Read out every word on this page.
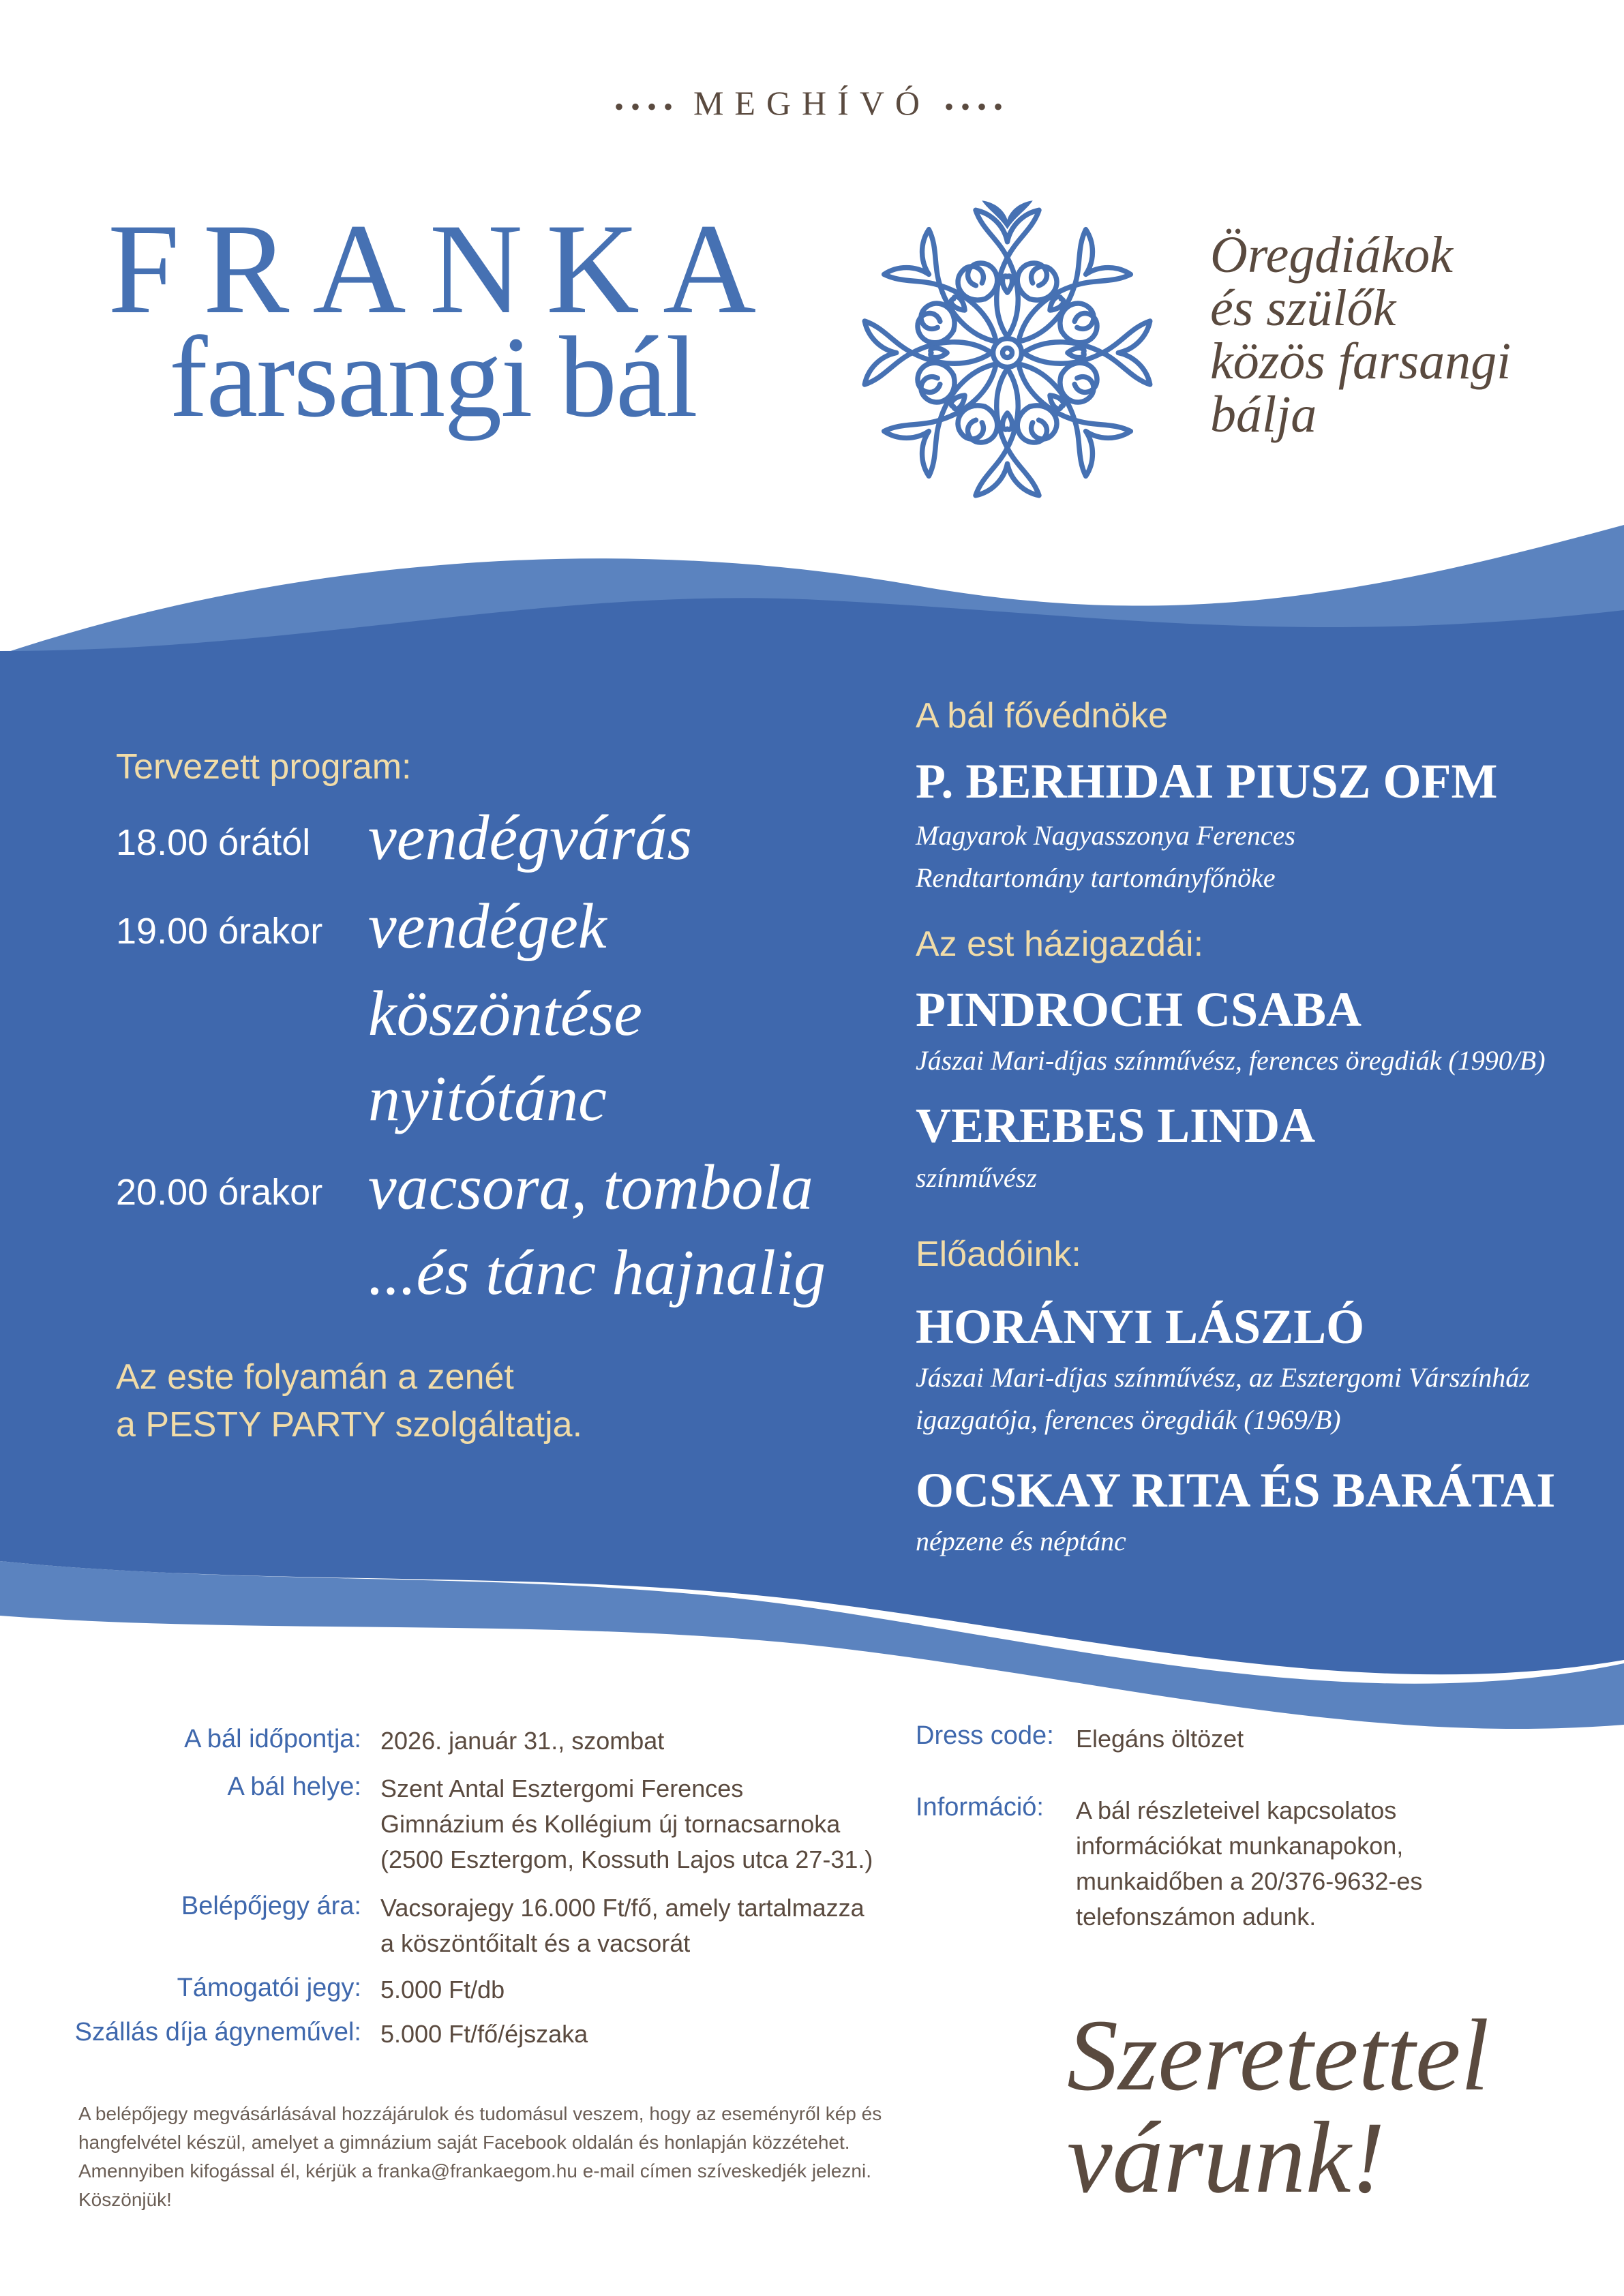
•••• MEGHÍVÓ ••••
FRANKA
farsangi bál
Öregdiákok
és szülők
közös farsangi
bálja
Tervezett program:
18.00 órától vendégvárás
19.00 órakor vendégek
köszöntése
nyitótánc
20.00 órakor vacsora, tombola
...és tánc hajnalig
Az este folyamán a zenét
a PESTY PARTY szolgáltatja.
A bál fővédnöke
P. BERHIDAI PIUSZ OFM
Magyarok Nagyasszonya Ferences
Rendtartomány tartományfőnöke
Az est házigazdái:
PINDROCH CSABA
Jászai Mari-díjas színművész, ferences öregdiák (1990/B)
VEREBES LINDA
színművész
Előadóink:
HORÁNYI LÁSZLÓ
Jászai Mari-díjas színművész, az Esztergomi Várszínház
igazgatója, ferences öregdiák (1969/B)
OCSKAY RITA ÉS BARÁTAI
népzene és néptánc
A bál időpontja: 2026. január 31., szombat
A bál helye: Szent Antal Esztergomi Ferences
Gimnázium és Kollégium új tornacsarnoka
(2500 Esztergom, Kossuth Lajos utca 27-31.)
Belépőjegy ára: Vacsorajegy 16.000 Ft/fő, amely tartalmazza
a köszöntőitalt és a vacsorát
Támogatói jegy: 5.000 Ft/db
Szállás díja ágyneművel: 5.000 Ft/fő/éjszaka
Dress code: Elegáns öltözet
Információ: A bál részleteivel kapcsolatos
információkat munkanapokon,
munkaidőben a 20/376-9632-es
telefonszámon adunk.
A belépőjegy megvásárlásával hozzájárulok és tudomásul veszem, hogy az eseményről kép és
hangfelvétel készül, amelyet a gimnázium saját Facebook oldalán és honlapján közzétehet.
Amennyiben kifogással él, kérjük a franka@frankaegom.hu e-mail címen szíveskedjék jelezni.
Köszönjük!
Szeretettel
várunk!
